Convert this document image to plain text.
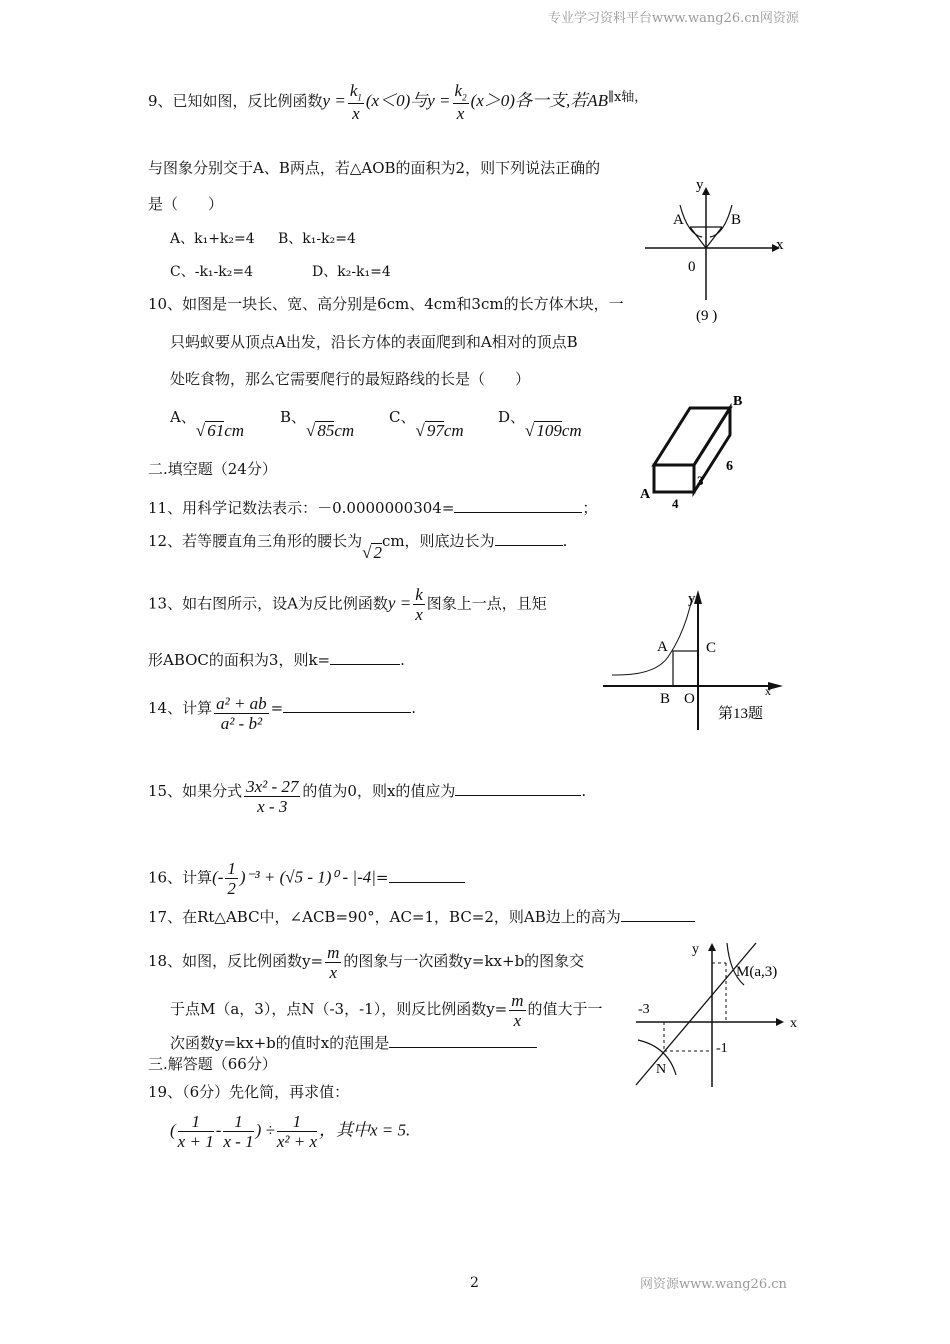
专业学习资料平台www.wang26.cn网资源
2	网资源www.wang26.cn
9、已知如图，反比例函数$y = \frac{k_1}{x} (x<0)$与$y = \frac{k_2}{x} (x>0)$各一支,若AB∥x轴，
与图象分别交于A、B两点，若△AOB的面积为2，则下列说法正确的
是（　　）
A、k₁+k₂=4 B、k₁-k₂=4
C、-k₁-k₂=4	D、k₂-k₁=4
y
x
A	B
0
(9 )
10、如图是一块长、宽、高分别是6cm、4cm和3cm的长方体木块，一
只蚂蚁要从顶点A出发，沿长方体的表面爬到和A相对的顶点B
处吃食物，那么它需要爬行的最短路线的长是（　　）
A、√ 61cm
B、√ 85cm
C、√ 97cm
D、√ 109cm
A
B
6
3
4
二.填空题（24分）
11、用科学记数法表示：－0.0000000304=	；
12、若等腰直角三角形的腰长为√ 2cm，则底边长为	.
13、如右图所示，设A为反比例函数$y = \frac{k}{x}$ 图象上一点，且矩
形ABOC的面积为3，则k=	.
y
A	C
B O	x
第13题
14、计算 $\frac{\text{a² + ab}}{\text{a² - b²}}$ =	.
15、如果分式 $\frac{\text{3x² - 27}}{x - 3}$ 的值为0，则x的值应为	.
16、计算(- $\frac{1}{2} )^{-3} + (√5 - 1)^0 - |-4|=$
17、在Rt△ABC中，∠ACB=90°，AC=1，BC=2，则AB边上的高为
18、如图，反比例函数$y= \frac{m}{x}$ 的图象与一次函数y=kx+b的图象交
于点M（a，3），点N（-3，-1），则反比例函数$y= \frac{m}{x}$ 的值大于一
次函数y=kx+b的值时x的范围是
y
x
M(a,3)
N
-3
-1
三.解答题（66分）
19、（6分）先化简，再求值：
( $\frac{1}{x + 1} - \frac{1}{x - 1}$ ) ÷ $\frac{1}{\text{x² + x}}$ ，其中x = 5.
